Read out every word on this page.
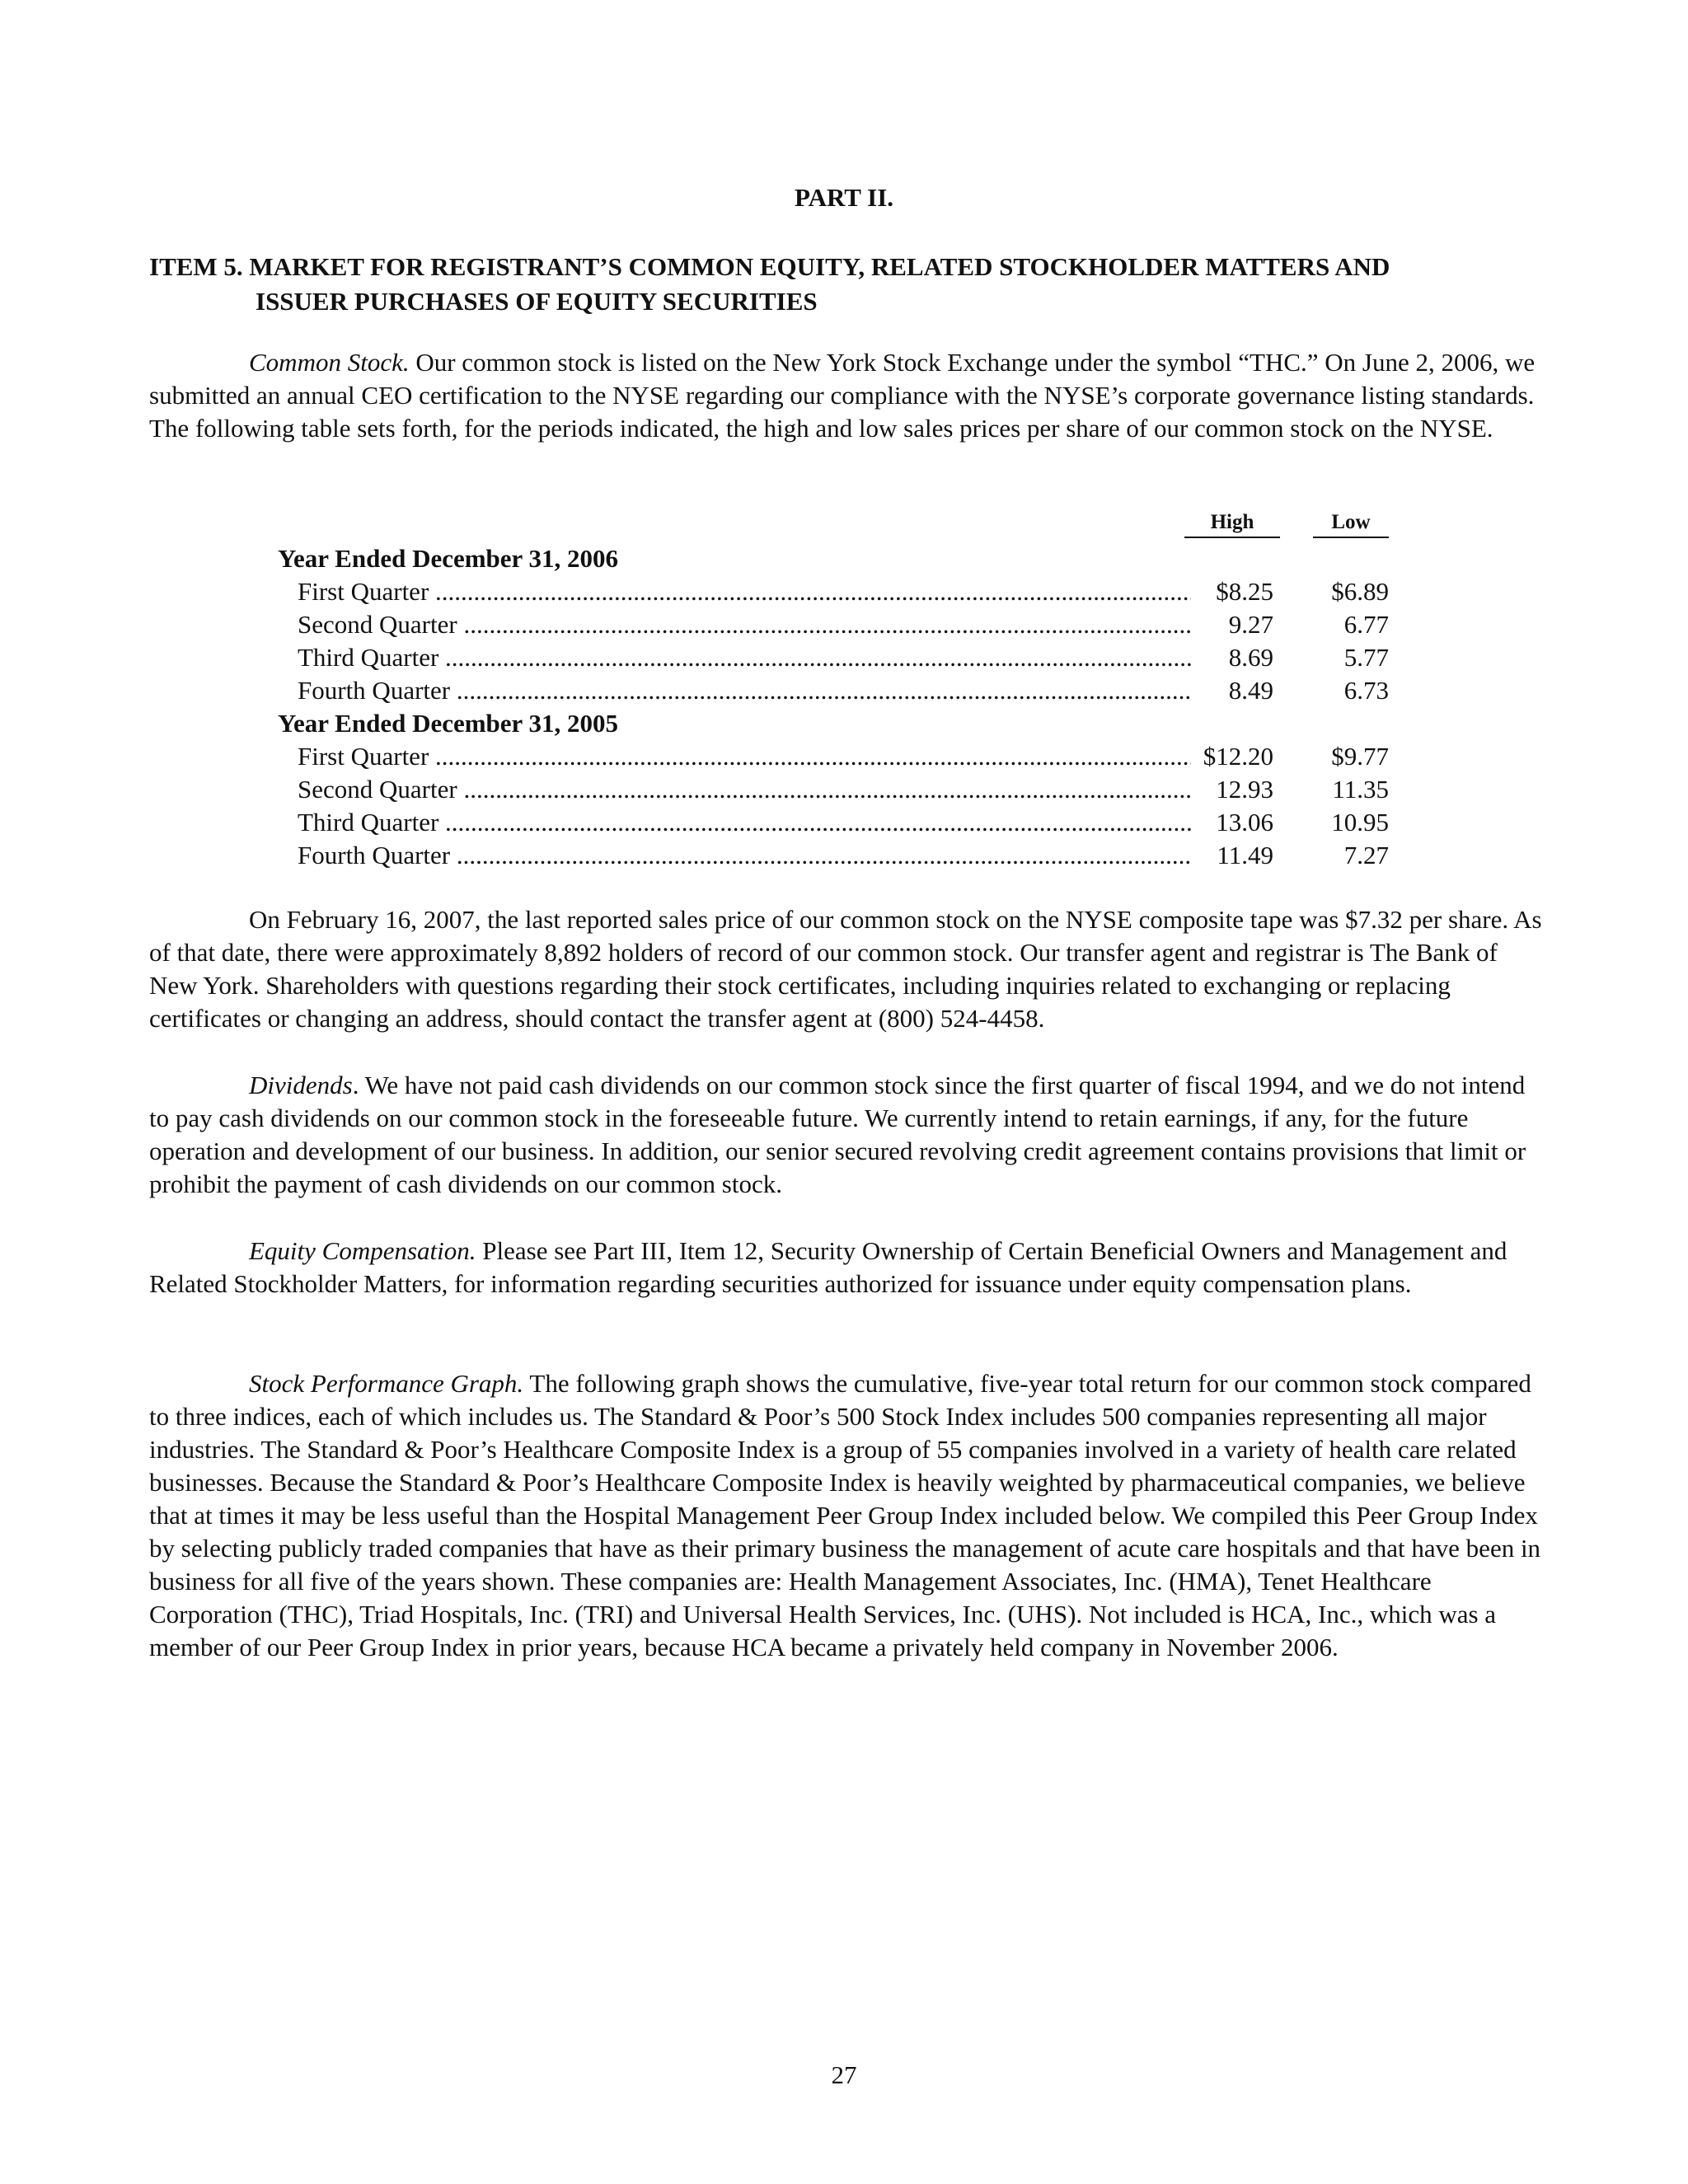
PART II.
ITEM 5. MARKET FOR REGISTRANT’S COMMON EQUITY, RELATED STOCKHOLDER MATTERS AND
ISSUER PURCHASES OF EQUITY SECURITIES

Common Stock. Our common stock is listed on the New York Stock Exchange under the symbol “THC.” On June 2, 2006, we submitted an annual CEO certification to the NYSE regarding our compliance with the NYSE’s corporate governance listing standards. The following table sets forth, for the periods indicated, the high and low sales prices per share of our common stock on the NYSE.

High	Low
Year Ended December 31, 2006
First Quarter .....	$8.25	$6.89
Second Quarter .....	9.27	6.77
Third Quarter .....	8.69	5.77
Fourth Quarter .....	8.49	6.73
Year Ended December 31, 2005
First Quarter .....	$12.20	$9.77
Second Quarter .....	12.93	11.35
Third Quarter .....	13.06	10.95
Fourth Quarter .....	11.49	7.27

On February 16, 2007, the last reported sales price of our common stock on the NYSE composite tape was $7.32 per share. As of that date, there were approximately 8,892 holders of record of our common stock. Our transfer agent and registrar is The Bank of New York. Shareholders with questions regarding their stock certificates, including inquiries related to exchanging or replacing certificates or changing an address, should contact the transfer agent at (800) 524-4458.

Dividends. We have not paid cash dividends on our common stock since the first quarter of fiscal 1994, and we do not intend to pay cash dividends on our common stock in the foreseeable future. We currently intend to retain earnings, if any, for the future operation and development of our business. In addition, our senior secured revolving credit agreement contains provisions that limit or prohibit the payment of cash dividends on our common stock.

Equity Compensation. Please see Part III, Item 12, Security Ownership of Certain Beneficial Owners and Management and Related Stockholder Matters, for information regarding securities authorized for issuance under equity compensation plans.

Stock Performance Graph. The following graph shows the cumulative, five-year total return for our common stock compared to three indices, each of which includes us. The Standard & Poor’s 500 Stock Index includes 500 companies representing all major industries. The Standard & Poor’s Healthcare Composite Index is a group of 55 companies involved in a variety of health care related businesses. Because the Standard & Poor’s Healthcare Composite Index is heavily weighted by pharmaceutical companies, we believe that at times it may be less useful than the Hospital Management Peer Group Index included below. We compiled this Peer Group Index by selecting publicly traded companies that have as their primary business the management of acute care hospitals and that have been in business for all five of the years shown. These companies are: Health Management Associates, Inc. (HMA), Tenet Healthcare Corporation (THC), Triad Hospitals, Inc. (TRI) and Universal Health Services, Inc. (UHS). Not included is HCA, Inc., which was a member of our Peer Group Index in prior years, because HCA became a privately held company in November 2006.

27
